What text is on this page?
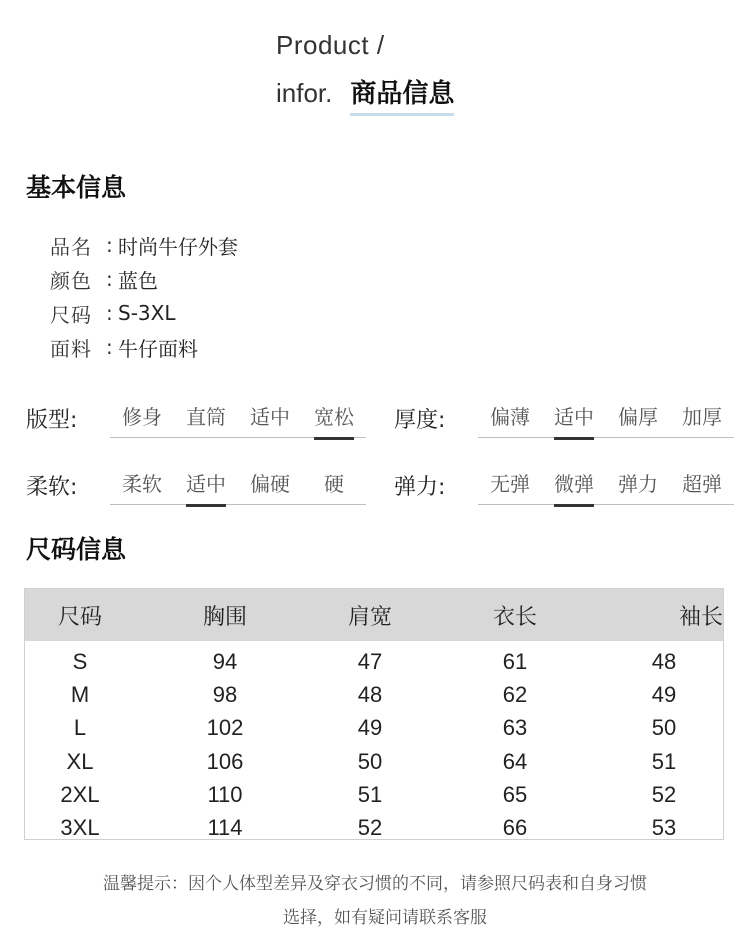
Product /
infor. 商品信息
基本信息
品名 : 时尚牛仔外套
颜色 : 蓝色
尺码 : S-3XL
面料 : 牛仔面料
版型:	修身	直筒	适中	宽松	厚度:	偏薄	适中	偏厚	加厚
柔软:	柔软	适中	偏硬	硬	弹力:	无弹	微弹	弹力	超弹
尺码信息
尺码	胸围	肩宽	衣长	袖长
S	94	47	61	48
M	98	48	62	49
L	102	49	63	50
XL	106	50	64	51
2XL	110	51	65	52
3XL	114	52	66	53
温馨提示：因个人体型差异及穿衣习惯的不同，请参照尺码表和自身习惯
选择，如有疑问请联系客服
